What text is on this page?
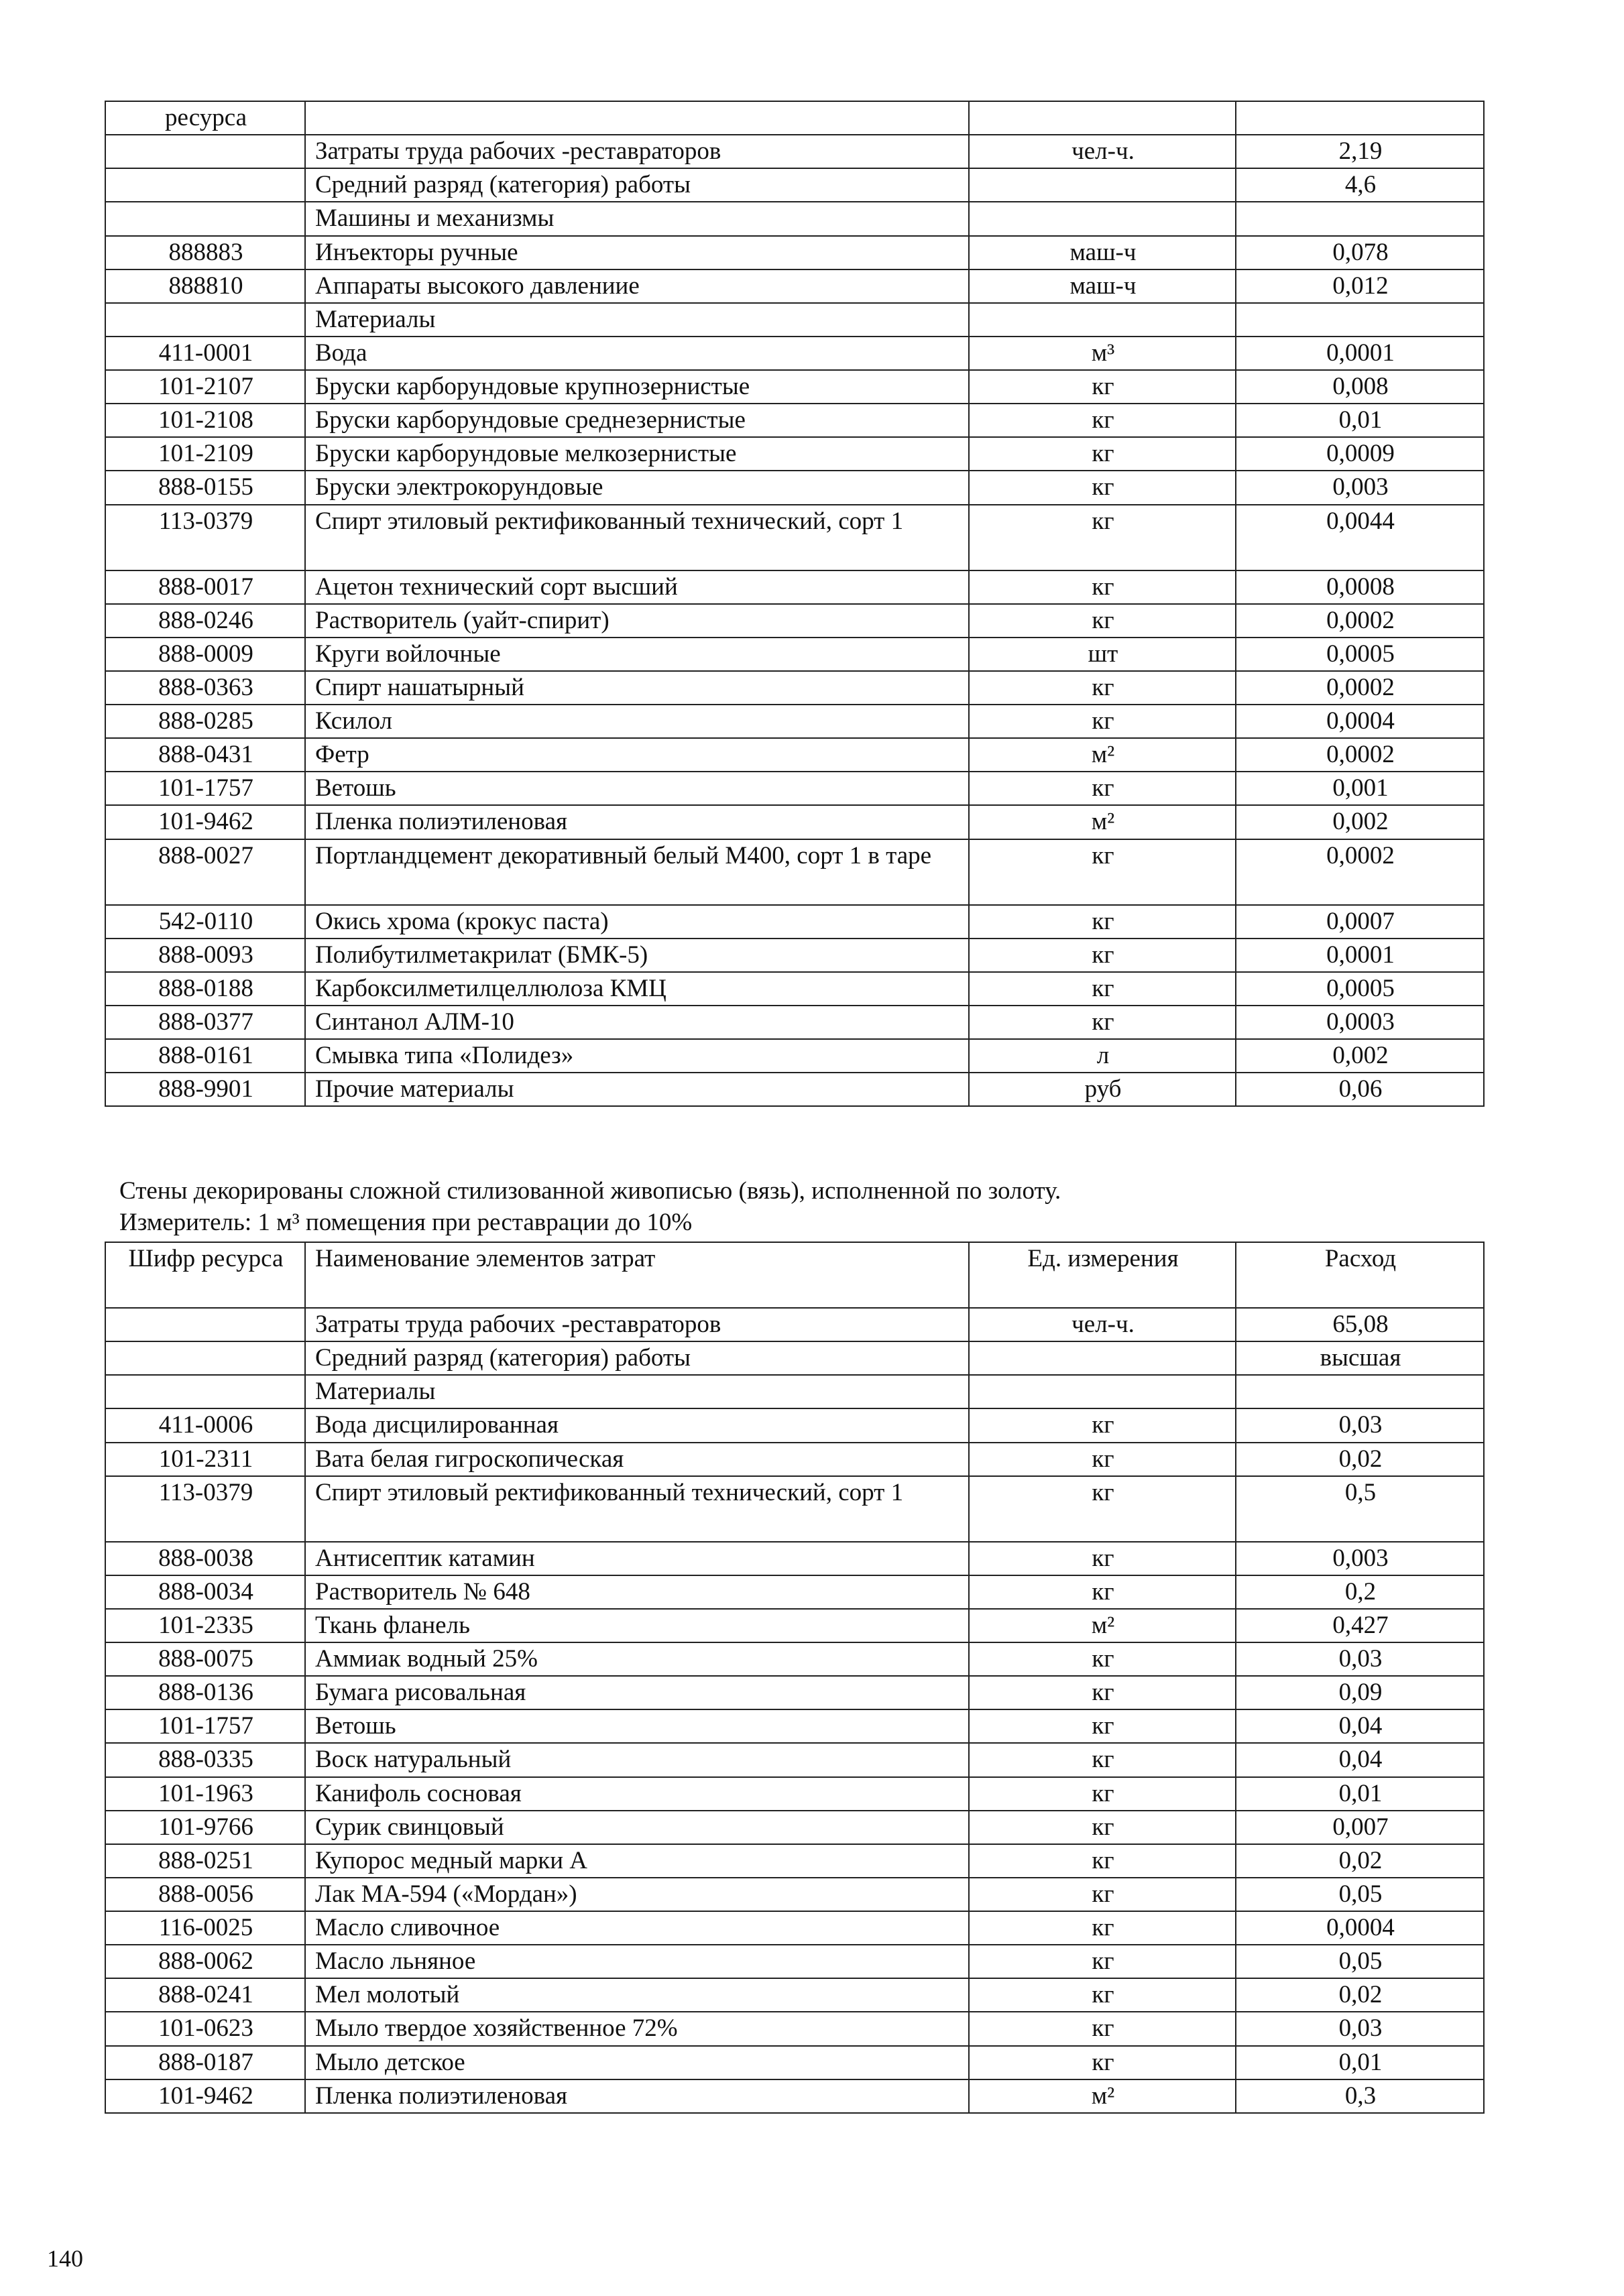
ресурса			
	Затраты труда рабочих -реставраторов	чел-ч.	2,19
	Средний разряд (категория) работы		4,6
	Машины и механизмы		
888883	Инъекторы ручные	маш-ч	0,078
888810	Аппараты высокого давлениие	маш-ч	0,012
	Материалы		
411-0001	Вода	м³	0,0001
101-2107	Бруски карборундовые крупнозернистые	кг	0,008
101-2108	Бруски карборундовые среднезернистые	кг	0,01
101-2109	Бруски карборундовые мелкозернистые	кг	0,0009
888-0155	Бруски электрокорундовые	кг	0,003
113-0379	Спирт этиловый ректификованный технический, сорт 1	кг	0,0044
888-0017	Ацетон технический сорт высший	кг	0,0008
888-0246	Растворитель (уайт-спирит)	кг	0,0002
888-0009	Круги войлочные	шт	0,0005
888-0363	Спирт нашатырный	кг	0,0002
888-0285	Ксилол	кг	0,0004
888-0431	Фетр	м²	0,0002
101-1757	Ветошь	кг	0,001
101-9462	Пленка полиэтиленовая	м²	0,002
888-0027	Портландцемент декоративный белый М400, сорт 1 в таре	кг	0,0002
542-0110	Окись хрома (крокус паста)	кг	0,0007
888-0093	Полибутилметакрилат (БМК-5)	кг	0,0001
888-0188	Карбоксилметилцеллюлоза КМЦ	кг	0,0005
888-0377	Синтанол АЛМ-10	кг	0,0003
888-0161	Смывка типа «Полидез»	л	0,002
888-9901	Прочие материалы	руб	0,06
Стены декорированы сложной стилизованной живописью (вязь), исполненной по золоту.
Измеритель: 1 м³ помещения при реставрации до 10%
Шифр ресурса	Наименование элементов затрат	Ед. измерения	Расход
	Затраты труда рабочих -реставраторов	чел-ч.	65,08
	Средний разряд (категория) работы		высшая
	Материалы		
411-0006	Вода дисцилированная	кг	0,03
101-2311	Вата белая гигроскопическая	кг	0,02
113-0379	Спирт этиловый ректификованный технический, сорт 1	кг	0,5
888-0038	Антисептик катамин	кг	0,003
888-0034	Растворитель № 648	кг	0,2
101-2335	Ткань фланель	м²	0,427
888-0075	Аммиак водный 25%	кг	0,03
888-0136	Бумага рисовальная	кг	0,09
101-1757	Ветошь	кг	0,04
888-0335	Воск натуральный	кг	0,04
101-1963	Канифоль сосновая	кг	0,01
101-9766	Сурик свинцовый	кг	0,007
888-0251	Купорос медный марки А	кг	0,02
888-0056	Лак МА-594 («Мордан»)	кг	0,05
116-0025	Масло сливочное	кг	0,0004
888-0062	Масло льняное	кг	0,05
888-0241	Мел молотый	кг	0,02
101-0623	Мыло твердое хозяйственное 72%	кг	0,03
888-0187	Мыло детское	кг	0,01
101-9462	Пленка полиэтиленовая	м²	0,3
140
